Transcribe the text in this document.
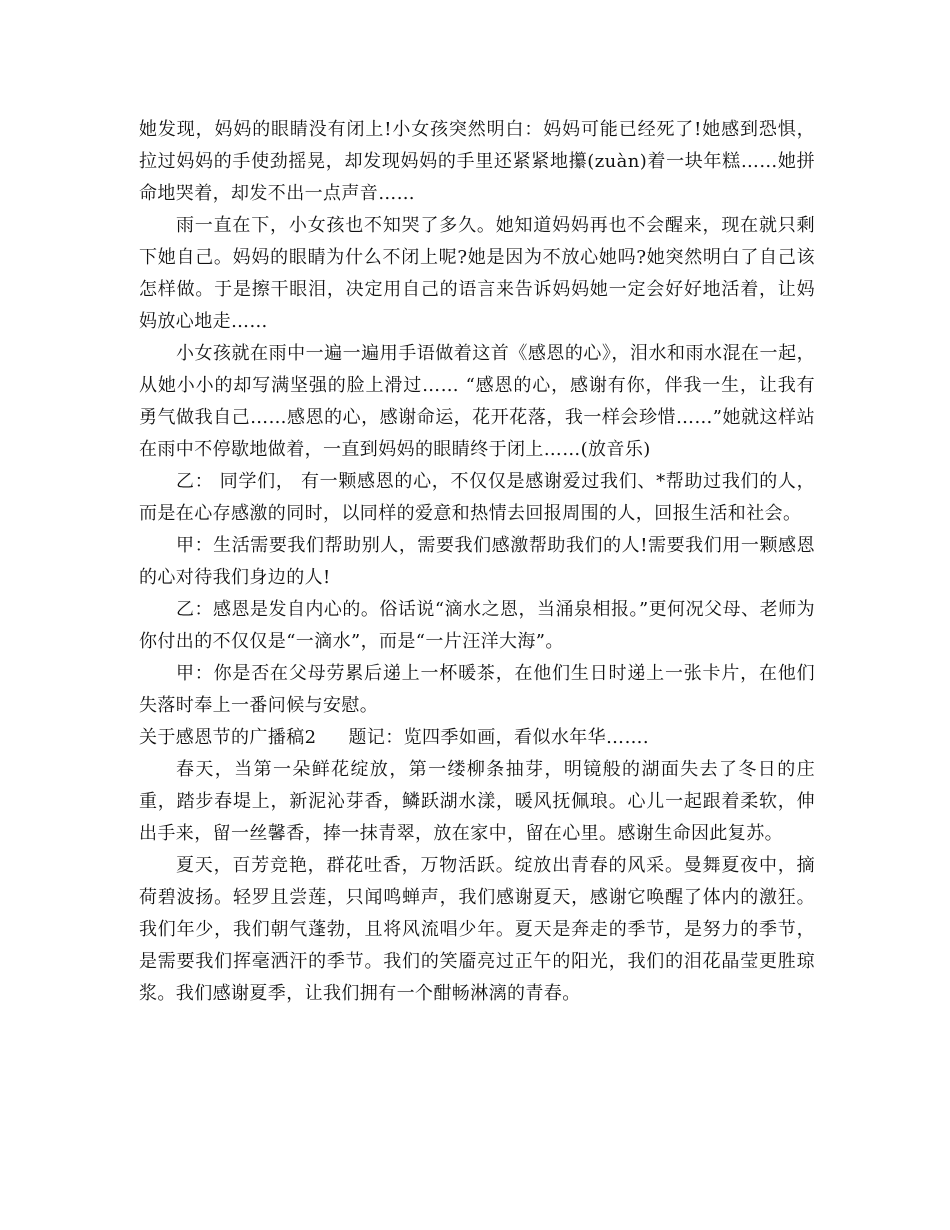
她发现，妈妈的眼睛没有闭上!小女孩突然明白：妈妈可能已经死了!她感到恐惧，拉过妈妈的手使劲摇晃，却发现妈妈的手里还紧紧地攥(zuàn)着一块年糕……她拼命地哭着，却发不出一点声音……

雨一直在下，小女孩也不知哭了多久。她知道妈妈再也不会醒来，现在就只剩下她自己。妈妈的眼睛为什么不闭上呢?她是因为不放心她吗?她突然明白了自己该怎样做。于是擦干眼泪，决定用自己的语言来告诉妈妈她一定会好好地活着，让妈妈放心地走……

小女孩就在雨中一遍一遍用手语做着这首《感恩的心》，泪水和雨水混在一起，从她小小的却写满坚强的脸上滑过…… “感恩的心，感谢有你，伴我一生，让我有勇气做我自己……感恩的心，感谢命运，花开花落，我一样会珍惜……”她就这样站在雨中不停歇地做着，一直到妈妈的眼睛终于闭上……(放音乐)

乙： 同学们， 有一颗感恩的心，不仅仅是感谢爱过我们、*帮助过我们的人，而是在心存感激的同时，以同样的爱意和热情去回报周围的人，回报生活和社会。

甲：生活需要我们帮助别人，需要我们感激帮助我们的人!需要我们用一颗感恩的心对待我们身边的人!

乙：感恩是发自内心的。俗话说“滴水之恩，当涌泉相报。”更何况父母、老师为你付出的不仅仅是“一滴水”，而是“一片汪洋大海”。

甲：你是否在父母劳累后递上一杯暖茶，在他们生日时递上一张卡片，在他们失落时奉上一番问候与安慰。

关于感恩节的广播稿2 题记：览四季如画，看似水年华…….

春天，当第一朵鲜花绽放，第一缕柳条抽芽，明镜般的湖面失去了冬日的庄重，踏步春堤上，新泥沁芽香，鳞跃湖水漾，暖风抚佩琅。心儿一起跟着柔软，伸出手来，留一丝馨香，捧一抹青翠，放在家中，留在心里。感谢生命因此复苏。

夏天，百芳竞艳，群花吐香，万物活跃。绽放出青春的风采。曼舞夏夜中，摘荷碧波扬。轻罗且尝莲，只闻鸣蝉声，我们感谢夏天，感谢它唤醒了体内的激狂。我们年少，我们朝气蓬勃，且将风流唱少年。夏天是奔走的季节，是努力的季节，是需要我们挥毫洒汗的季节。我们的笑靥亮过正午的阳光，我们的泪花晶莹更胜琼浆。我们感谢夏季，让我们拥有一个酣畅淋漓的青春。
